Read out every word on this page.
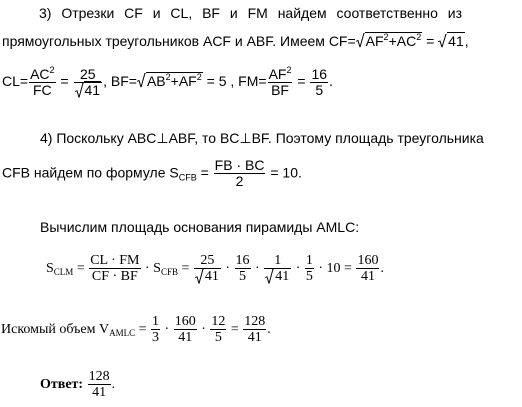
3) Отрезки CF и CL, BF и FM найдем соответственно из
прямоугольных треугольников ACF и ABF. Имеем $CF= AF^2+AC^2$ =
41,
$CL= \frac{AC^2}{FC} = \frac{25}{41}$ , $BF= AB^2+AF^2 = 5$ , $FM= \frac{AF^2}{BF} = \frac{16}{5}$ .
4) Поскольку ABC⊥ABF, то BC⊥BF. Поэтому площадь треугольника
CFB найдем по формуле $S_{CFB} = \frac{FB \cdot BC}{2} = 10$.
Вычислим площадь основания пирамиды AMLC:
$S_{CLM} = \frac{CL \cdot FM}{CF \cdot BF} \cdot S_{CFB} = \frac{25}{41} \cdot \frac{16}{5} \cdot \frac{1}{41} \cdot \frac{1}{5} \cdot 10 = \frac{160}{41}$ .
Искомый объем $V_{AMLC} = \frac{1}{3} \cdot \frac{160}{41} \cdot \frac{12}{5} = \frac{128}{41}$ .
Ответ: $\frac{128}{41}$ .
